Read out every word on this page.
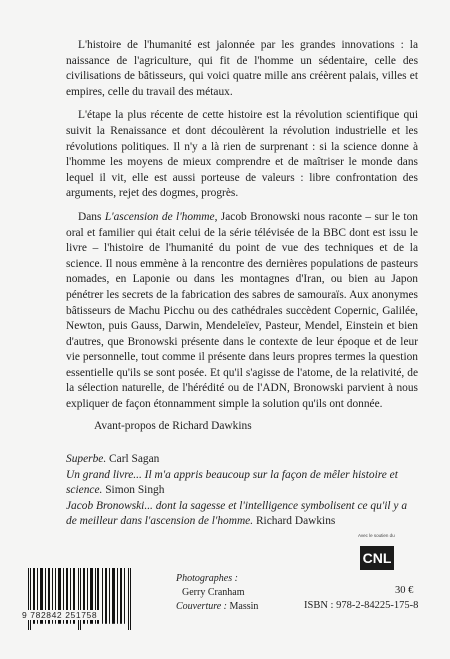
L'histoire de l'humanité est jalonnée par les grandes innovations : la naissance de l'agriculture, qui fit de l'homme un sédentaire, celle des civilisations de bâtisseurs, qui voici quatre mille ans créèrent palais, villes et empires, celle du travail des métaux.

L'étape la plus récente de cette histoire est la révolution scientifique qui suivit la Renaissance et dont découlèrent la révolution industrielle et les révolutions politiques. Il n'y a là rien de surprenant : si la science donne à l'homme les moyens de mieux comprendre et de maîtriser le monde dans lequel il vit, elle est aussi porteuse de valeurs : libre confrontation des arguments, rejet des dogmes, progrès.

Dans L'ascension de l'homme, Jacob Bronowski nous raconte – sur le ton oral et familier qui était celui de la série télévisée de la BBC dont est issu le livre – l'histoire de l'humanité du point de vue des techniques et de la science. Il nous emmène à la rencontre des dernières populations de pasteurs nomades, en Laponie ou dans les montagnes d'Iran, ou bien au Japon pénétrer les secrets de la fabrication des sabres de samouraïs. Aux anonymes bâtisseurs de Machu Picchu ou des cathédrales succèdent Copernic, Galilée, Newton, puis Gauss, Darwin, Mendeleïev, Pasteur, Mendel, Einstein et bien d'autres, que Bronowski présente dans le contexte de leur époque et de leur vie personnelle, tout comme il présente dans leurs propres termes la question essentielle qu'ils se sont posée. Et qu'il s'agisse de l'atome, de la relativité, de la sélection naturelle, de l'hérédité ou de l'ADN, Bronowski parvient à nous expliquer de façon étonnamment simple la solution qu'ils ont donnée.

Avant-propos de Richard Dawkins

Superbe. Carl Sagan

Un grand livre... Il m'a appris beaucoup sur la façon de mêler histoire et science. Simon Singh

Jacob Bronowski... dont la sagesse et l'intelligence symbolisent ce qu'il y a de meilleur dans l'ascension de l'homme. Richard Dawkins

Avec le soutien du
CNL
9 782842 251758
Photographes :
Gerry Cranham
Couverture : Massin
30 €
ISBN : 978-2-84225-175-8
